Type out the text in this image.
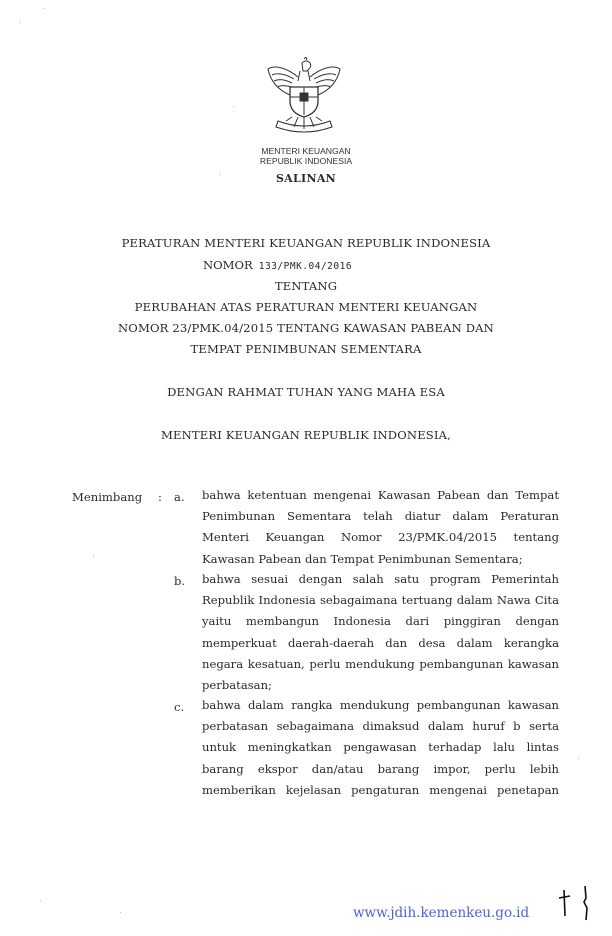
MENTERI KEUANGAN
REPUBLIK INDONESIA
SALINAN
PERATURAN MENTERI KEUANGAN REPUBLIK INDONESIA
NOMOR 133/PMK.04/2016
TENTANG
PERUBAHAN ATAS PERATURAN MENTERI KEUANGAN
NOMOR 23/PMK.04/2015 TENTANG KAWASAN PABEAN DAN
TEMPAT PENIMBUNAN SEMENTARA
DENGAN RAHMAT TUHAN YANG MAHA ESA
MENTERI KEUANGAN REPUBLIK INDONESIA,
Menimbang : a. bahwa ketentuan mengenai Kawasan Pabean dan Tempat Penimbunan Sementara telah diatur dalam Peraturan Menteri Keuangan Nomor 23/PMK.04/2015 tentang Kawasan Pabean dan Tempat Penimbunan Sementara;
b. bahwa sesuai dengan salah satu program Pemerintah Republik Indonesia sebagaimana tertuang dalam Nawa Cita yaitu membangun Indonesia dari pinggiran dengan memperkuat daerah-daerah dan desa dalam kerangka negara kesatuan, perlu mendukung pembangunan kawasan perbatasan;
c. bahwa dalam rangka mendukung pembangunan kawasan perbatasan sebagaimana dimaksud dalam huruf b serta untuk meningkatkan pengawasan terhadap lalu lintas barang ekspor dan/atau barang impor, perlu lebih memberikan kejelasan pengaturan mengenai penetapan
www.jdih.kemenkeu.go.id
